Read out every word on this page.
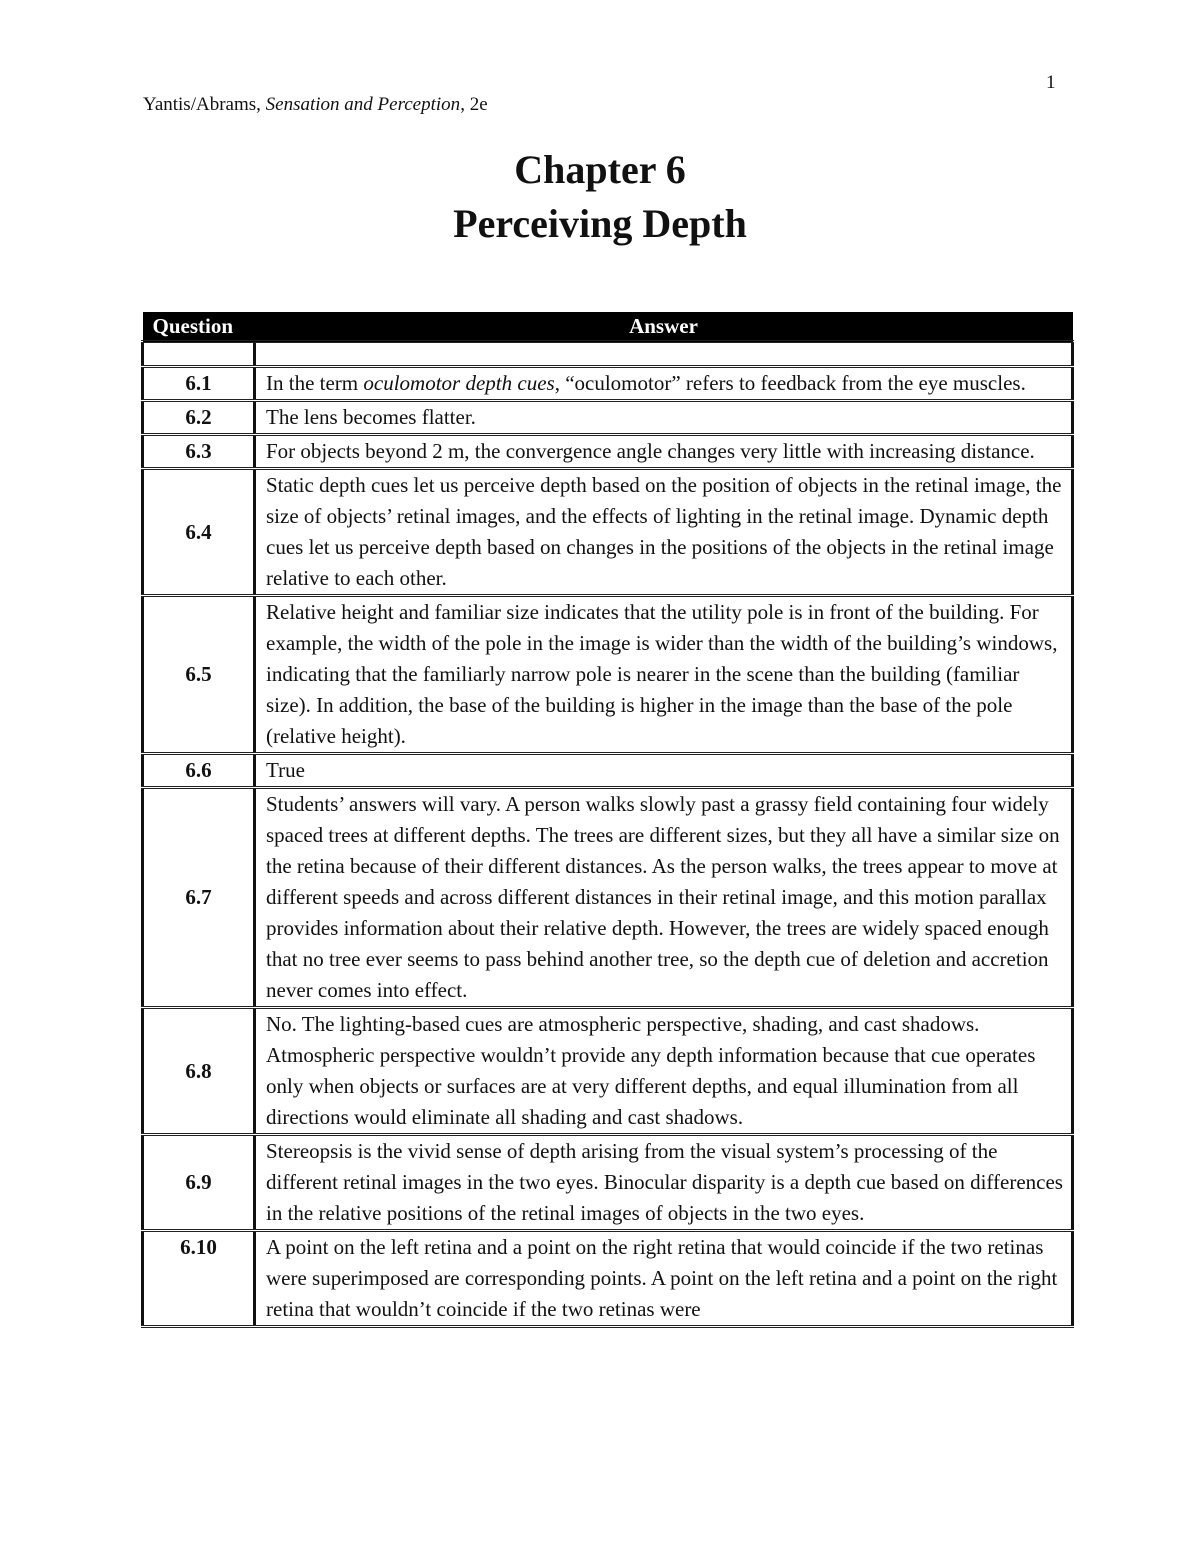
1
Yantis/Abrams, Sensation and Perception, 2e
Chapter 6
Perceiving Depth
Question	Answer

6.1	In the term oculomotor depth cues, “oculomotor” refers to feedback from the eye muscles.
6.2	The lens becomes flatter.
6.3	For objects beyond 2 m, the convergence angle changes very little with increasing distance.
6.4	Static depth cues let us perceive depth based on the position of objects in the retinal image, the size of objects’ retinal images, and the effects of lighting in the retinal image. Dynamic depth cues let us perceive depth based on changes in the positions of the objects in the retinal image relative to each other.
6.5	Relative height and familiar size indicates that the utility pole is in front of the building. For example, the width of the pole in the image is wider than the width of the building’s windows, indicating that the familiarly narrow pole is nearer in the scene than the building (familiar size). In addition, the base of the building is higher in the image than the base of the pole (relative height).
6.6	True
6.7	Students’ answers will vary. A person walks slowly past a grassy field containing four widely spaced trees at different depths. The trees are different sizes, but they all have a similar size on the retina because of their different distances. As the person walks, the trees appear to move at different speeds and across different distances in their retinal image, and this motion parallax provides information about their relative depth. However, the trees are widely spaced enough that no tree ever seems to pass behind another tree, so the depth cue of deletion and accretion never comes into effect.
6.8	No. The lighting-based cues are atmospheric perspective, shading, and cast shadows. Atmospheric perspective wouldn’t provide any depth information because that cue operates only when objects or surfaces are at very different depths, and equal illumination from all directions would eliminate all shading and cast shadows.
6.9	Stereopsis is the vivid sense of depth arising from the visual system’s processing of the different retinal images in the two eyes. Binocular disparity is a depth cue based on differences in the relative positions of the retinal images of objects in the two eyes.
6.10	A point on the left retina and a point on the right retina that would coincide if the two retinas were superimposed are corresponding points. A point on the left retina and a point on the right retina that wouldn’t coincide if the two retinas were
